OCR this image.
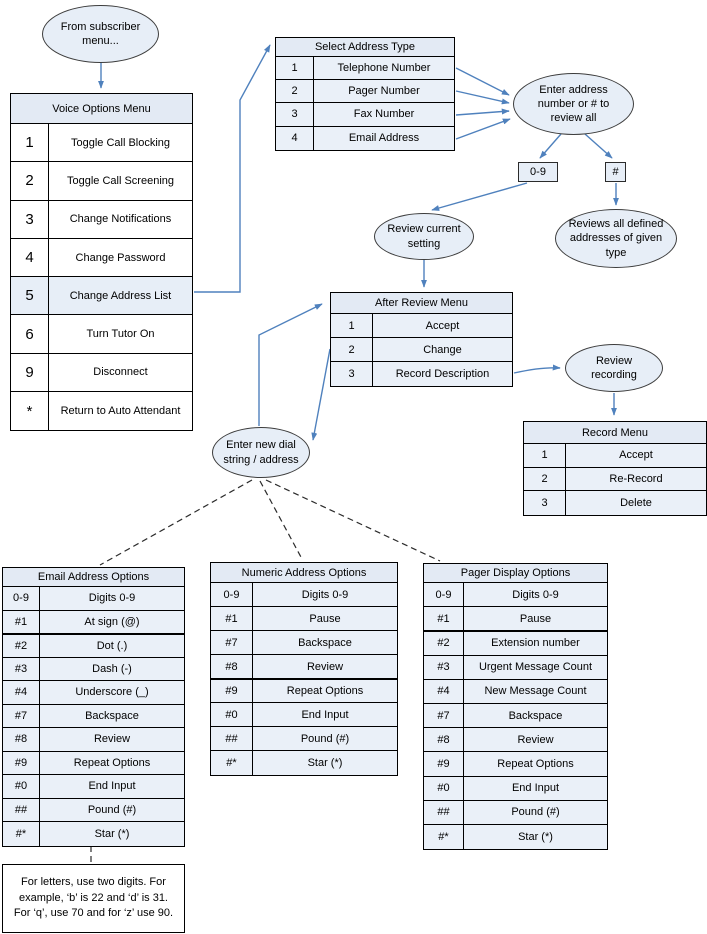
From subscriber menu...
Enter address number or # to review all
Review current setting
Reviews all defined addresses of given type
Review recording
Enter new dial string / address
0-9	#
Voice Options Menu
1	Toggle Call Blocking
2	Toggle Call Screening
3	Change Notifications
4	Change Password
5	Change Address List
6	Turn Tutor On
9	Disconnect
*	Return to Auto Attendant
Select Address Type
1	Telephone Number
2	Pager Number
3	Fax Number
4	Email Address
After Review Menu
1	Accept
2	Change
3	Record Description
Record Menu
1	Accept
2	Re-Record
3	Delete
Email Address Options
0-9	Digits 0-9
#1	At sign (@)
#2	Dot (.)
#3	Dash (-)
#4	Underscore (_)
#7	Backspace
#8	Review
#9	Repeat Options
#0	End Input
##	Pound (#)
#*	Star (*)
Numeric Address Options
0-9	Digits 0-9
#1	Pause
#7	Backspace
#8	Review
#9	Repeat Options
#0	End Input
##	Pound (#)
#*	Star (*)
Pager Display Options
0-9	Digits 0-9
#1	Pause
#2	Extension number
#3	Urgent Message Count
#4	New Message Count
#7	Backspace
#8	Review
#9	Repeat Options
#0	End Input
##	Pound (#)
#*	Star (*)
For letters, use two digits. For example, ‘b’ is 22 and ‘d’ is 31. For ‘q’, use 70 and for ‘z’ use 90.
